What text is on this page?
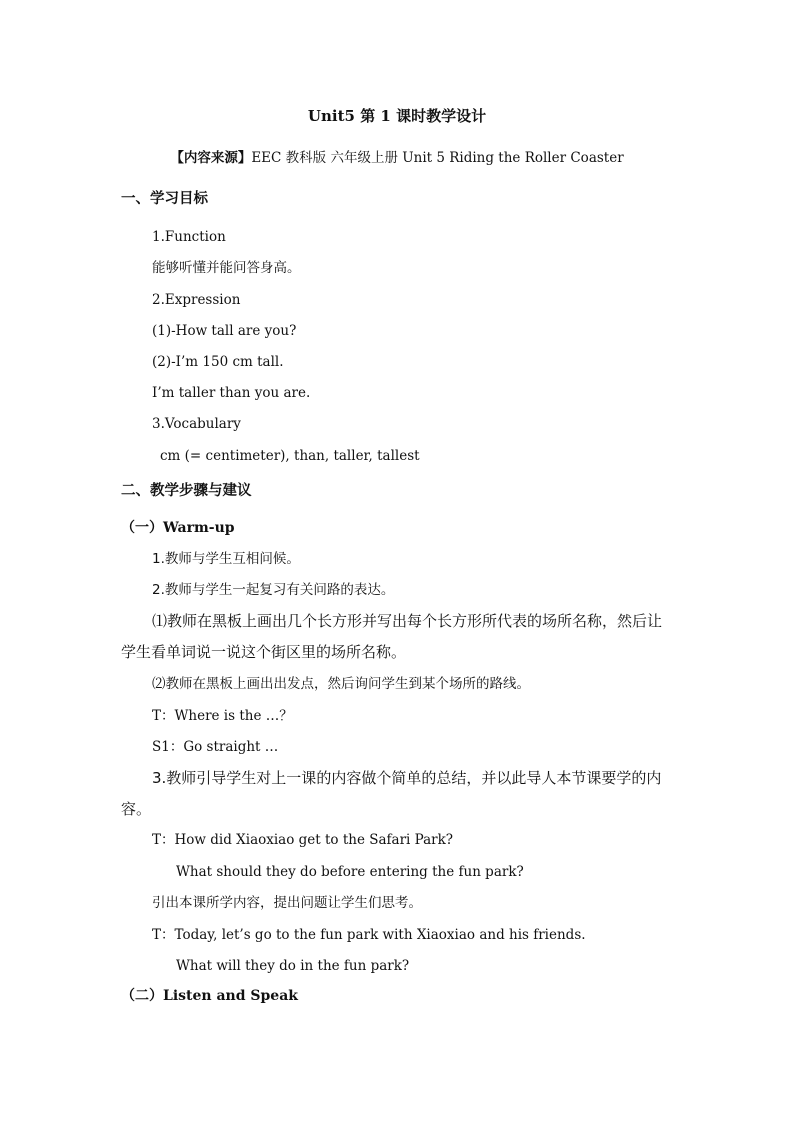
Unit5 第 1 课时教学设计
【内容来源】EEC 教科版 六年级上册 Unit 5 Riding the Roller Coaster
一、学习目标
1.Function
能够听懂并能问答身高。
2.Expression
(1)-How tall are you?
(2)-I’m 150 cm tall.
I’m taller than you are.
3.Vocabulary
cm (= centimeter), than, taller, tallest
二、教学步骤与建议
（一）Warm-up
1.教师与学生互相问候。
2.教师与学生一起复习有关问路的表达。
⑴教师在黑板上画出几个长方形并写出每个长方形所代表的场所名称，然后让学生看单词说一说这个街区里的场所名称。
⑵教师在黑板上画出出发点，然后询问学生到某个场所的路线。
T：Where is the …？
S1：Go straight …
3.教师引导学生对上一课的内容做个简单的总结，并以此导人本节课要学的内容。
T：How did Xiaoxiao get to the Safari Park?
What should they do before entering the fun park?
引出本课所学内容，提出问题让学生们思考。
T：Today, let’s go to the fun park with Xiaoxiao and his friends.
What will they do in the fun park?
（二）Listen and Speak
